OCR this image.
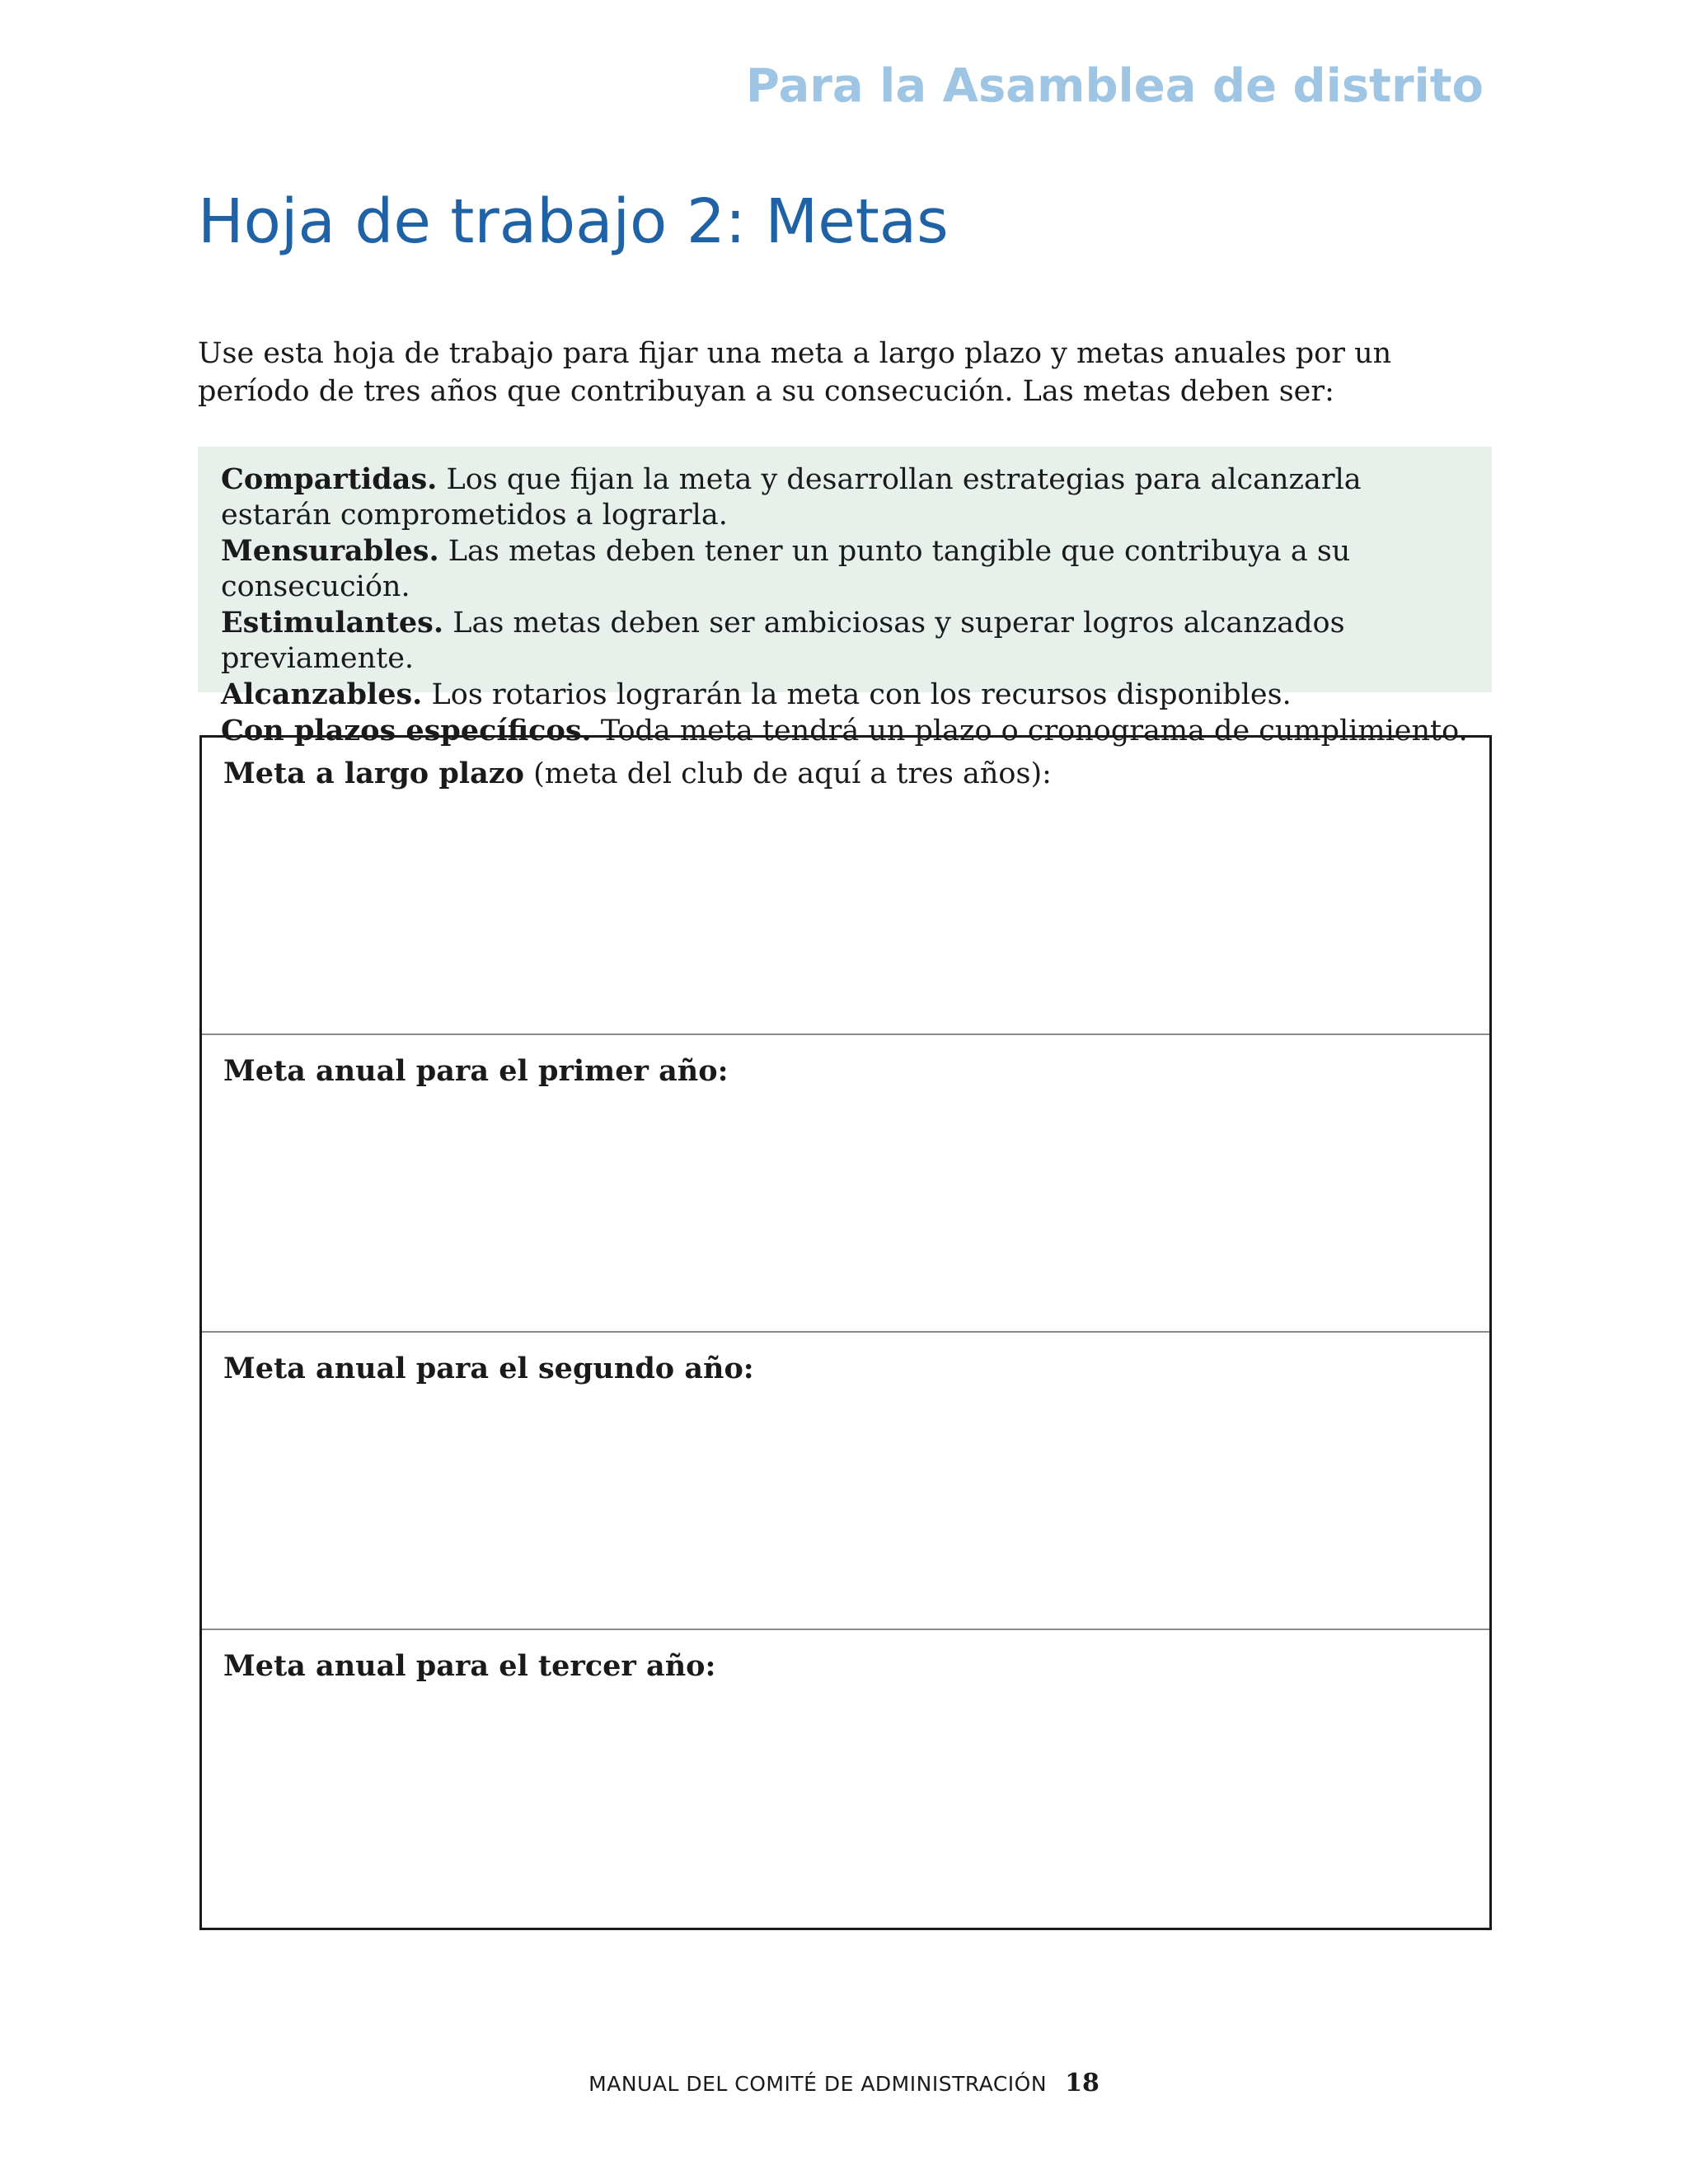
Para la Asamblea de distrito
Hoja de trabajo 2: Metas

Use esta hoja de trabajo para fijar una meta a largo plazo y metas anuales por un período de tres años que contribuyan a su consecución. Las metas deben ser:

Compartidas. Los que fijan la meta y desarrollan estrategias para alcanzarla estarán comprometidos a lograrla.

Mensurables. Las metas deben tener un punto tangible que contribuya a su consecución.

Estimulantes. Las metas deben ser ambiciosas y superar logros alcanzados previamente.

Alcanzables. Los rotarios lograrán la meta con los recursos disponibles.

Con plazos específicos. Toda meta tendrá un plazo o cronograma de cumplimiento.

Meta a largo plazo (meta del club de aquí a tres años):
Meta anual para el primer año:
Meta anual para el segundo año:
Meta anual para el tercer año:
MANUAL DEL COMITÉ DE ADMINISTRACIÓN 18
